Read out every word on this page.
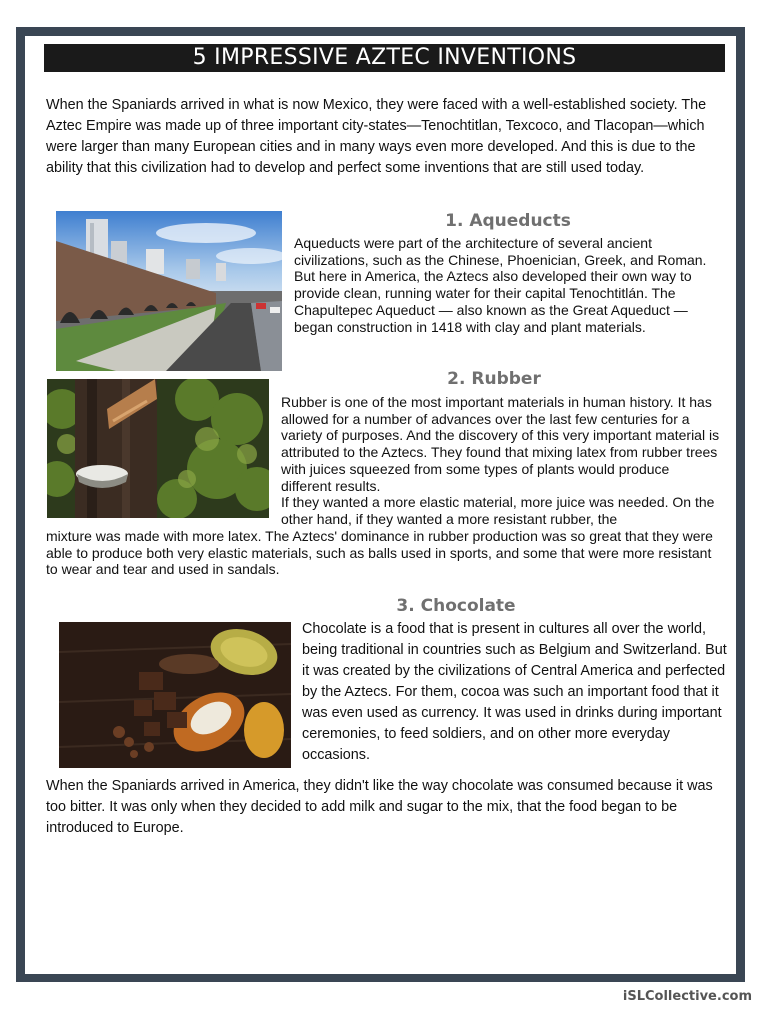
5 IMPRESSIVE AZTEC INVENTIONS

When the Spaniards arrived in what is now Mexico, they were faced with a well-established society. The Aztec Empire was made up of three important city-states—Tenochtitlan, Texcoco, and Tlacopan—which were larger than many European cities and in many ways even more developed. And this is due to the ability that this civilization had to develop and perfect some inventions that are still used today.

1. Aqueducts

Aqueducts were part of the architecture of several ancient civilizations, such as the Chinese, Phoenician, Greek, and Roman. But here in America, the Aztecs also developed their own way to provide clean, running water for their capital Tenochtitlán. The Chapultepec Aqueduct — also known as the Great Aqueduct — began construction in 1418 with clay and plant materials.

2. Rubber

Rubber is one of the most important materials in human history. It has allowed for a number of advances over the last few centuries for a variety of purposes. And the discovery of this very important material is attributed to the Aztecs. They found that mixing latex from rubber trees with juices squeezed from some types of plants would produce different results.

If they wanted a more elastic material, more juice was needed. On the other hand, if they wanted a more resistant rubber, the

mixture was made with more latex. The Aztecs' dominance in rubber production was so great that they were able to produce both very elastic materials, such as balls used in sports, and some that were more resistant to wear and tear and used in sandals.

3. Chocolate

Chocolate is a food that is present in cultures all over the world, being traditional in countries such as Belgium and Switzerland. But it was created by the civilizations of Central America and perfected by the Aztecs. For them, cocoa was such an important food that it was even used as currency. It was used in drinks during important ceremonies, to feed soldiers, and on other more everyday occasions.

When the Spaniards arrived in America, they didn't like the way chocolate was consumed because it was too bitter. It was only when they decided to add milk and sugar to the mix, that the food began to be introduced to Europe.

iSLCollective.com
